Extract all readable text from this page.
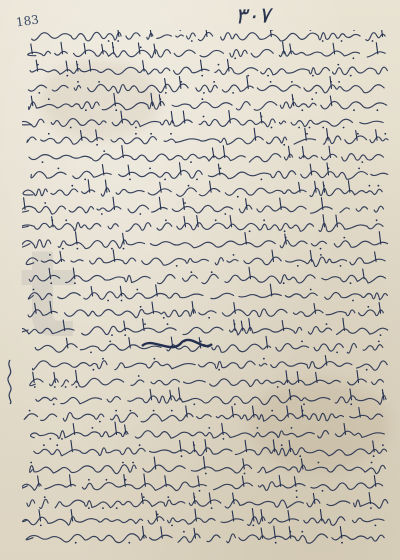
t
۳۰۷
183
